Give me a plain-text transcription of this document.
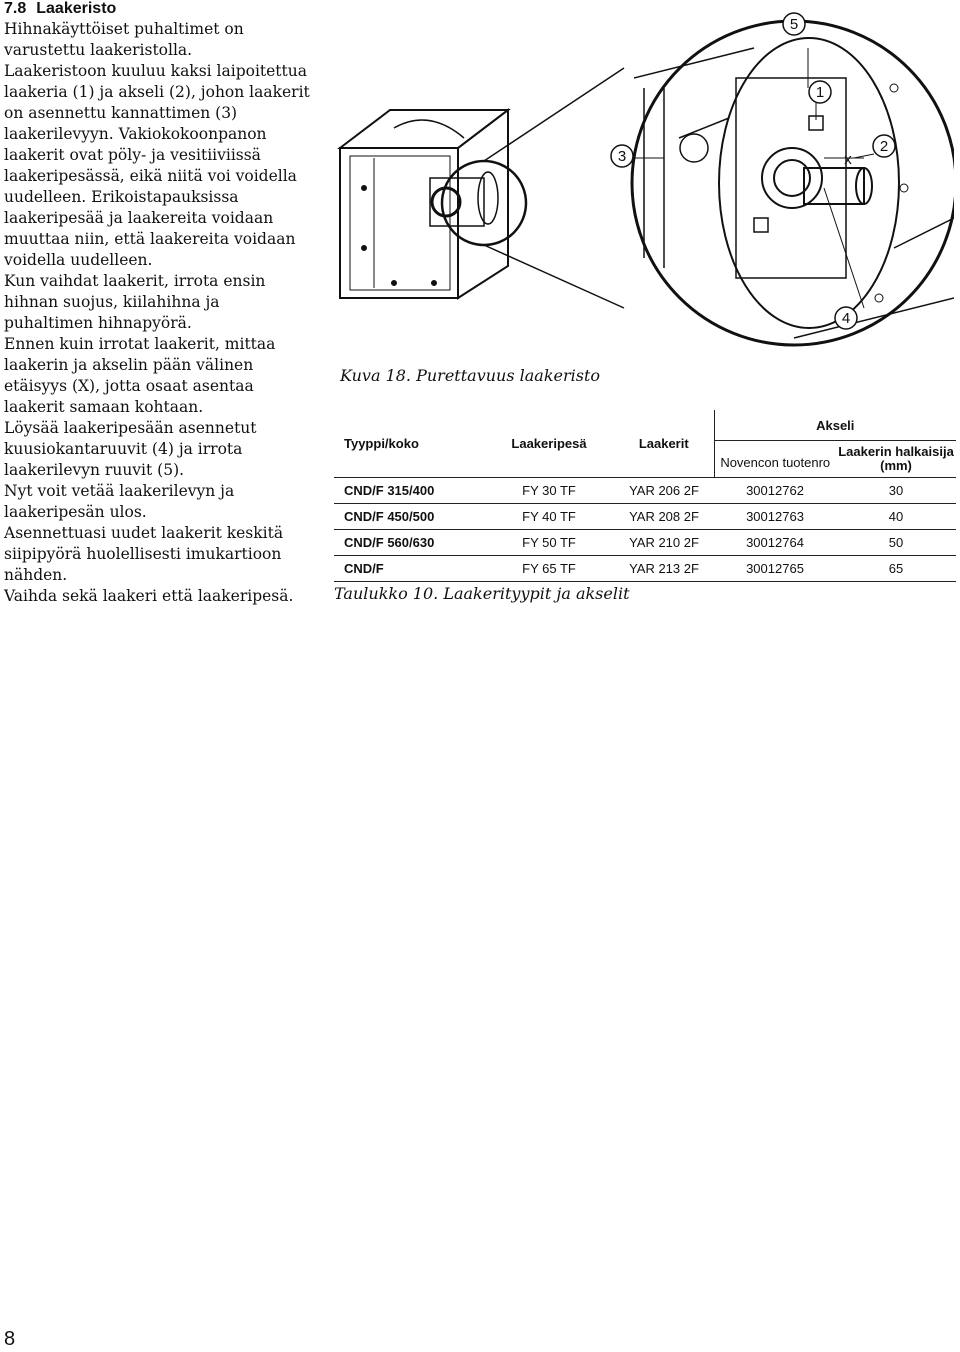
7.8 Laakeristo

Hihnakäyttöiset puhaltimet on varustettu laakeristolla.

Laakeristoon kuuluu kaksi laipoitettua laakeria (1) ja akseli (2), johon laakerit on asennettu kannattimen (3) laakerilevyyn. Vakiokokoonpanon laakerit ovat pöly- ja vesitiiviissä laakeripesässä, eikä niitä voi voidella uudelleen. Erikoistapauksissa laakeripesää ja laakereita voidaan muuttaa niin, että laakereita voidaan voidella uudelleen.

Kun vaihdat laakerit, irrota ensin hihnan suojus, kiilahihna ja puhaltimen hihnapyörä.

Ennen kuin irrotat laakerit, mittaa laakerin ja akselin pään välinen etäisyys (X), jotta osaat asentaa laakerit samaan kohtaan.

Löysää laakeripesään asennetut kuusiokantaruuvit (4) ja irrota laakerilevyn ruuvit (5).

Nyt voit vetää laakerilevyn ja laakeripesän ulos.

Asennettuasi uudet laakerit keskitä siipipyörä huolellisesti imukartioon nähden.

Vaihda sekä laakeri että laakeripesä.

5
1
2
3
4
x
Kuva 18. Purettavuus laakeristo
Tyyppi/koko	Laakeripesä	Laakerit	Akseli	
			Novencon tuotenro	Laakerin halkaisija (mm)
CND/F 315/400	FY 30 TF	YAR 206 2F	30012762	30
CND/F 450/500	FY 40 TF	YAR 208 2F	30012763	40
CND/F 560/630	FY 50 TF	YAR 210 2F	30012764	50
CND/F	FY 65 TF	YAR 213 2F	30012765	65
Taulukko 10. Laakerityypit ja akselit
8
